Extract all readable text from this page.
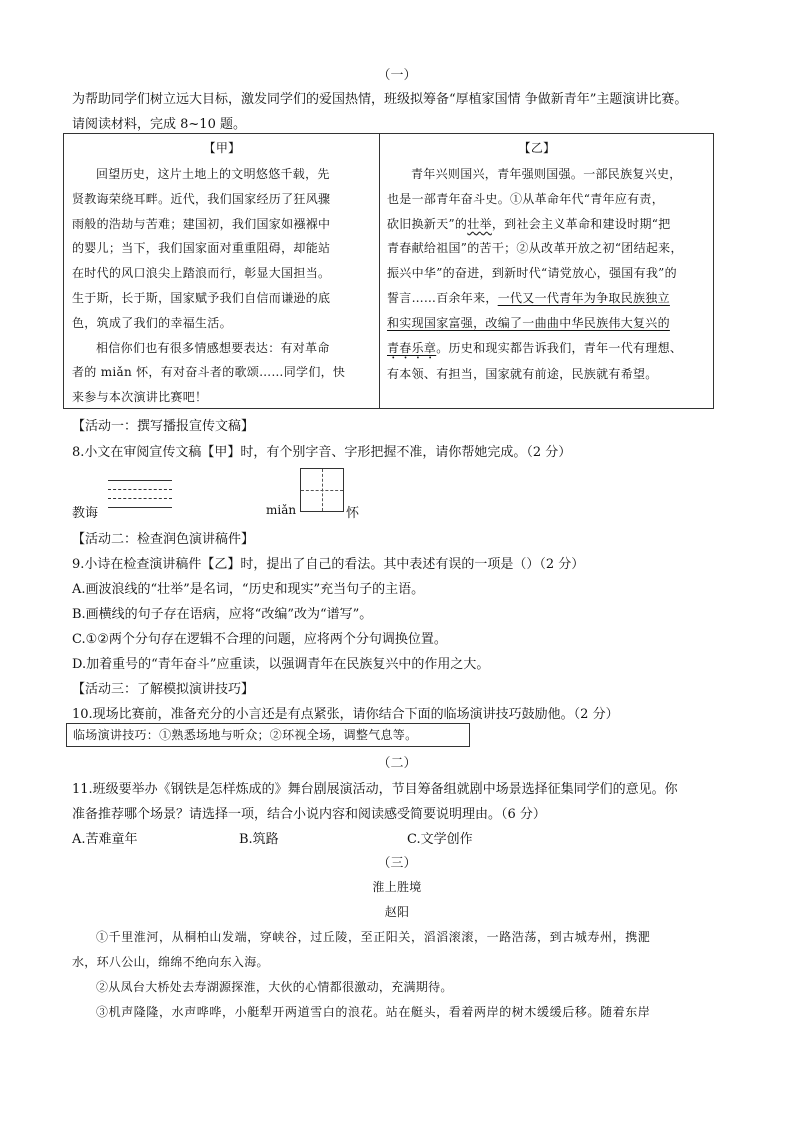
（一）
为帮助同学们树立远大目标，激发同学们的爱国热情，班级拟筹备“厚植家国情 争做新青年”主题演讲比赛。
请阅读材料，完成 8~10 题。
【甲】
回望历史，这片土地上的文明悠悠千载，先
贤教诲荣绕耳畔。近代，我们国家经历了狂风骤
雨般的浩劫与苦难；建国初，我们国家如襁褓中
的婴儿；当下，我们国家面对重重阻碍，却能站
在时代的风口浪尖上踏浪而行，彰显大国担当。
生于斯，长于斯，国家赋予我们自信而谦逊的底
色，筑成了我们的幸福生活。
相信你们也有很多情感想要表达：有对革命
者的 miǎn 怀，有对奋斗者的歌颂……同学们，快
来参与本次演讲比赛吧！
【乙】
青年兴则国兴，青年强则国强。一部民族复兴史，
也是一部青年奋斗史。①从革命年代“青年应有责，
砍旧换新天”的壮举，到社会主义革命和建设时期“把
青春献给祖国”的苦干；②从改革开放之初“团结起来，
振兴中华”的奋进，到新时代“请党放心，强国有我”的
誓言……百余年来，一代又一代青年为争取民族独立
和实现国家富强，改编了一曲曲中华民族伟大复兴的
青春乐章。历史和现实都告诉我们，青年一代有理想、
有本领、有担当，国家就有前途，民族就有希望。
【活动一：撰写播报宣传文稿】
8.小文在审阅宣传文稿【甲】时，有个别字音、字形把握不准，请你帮她完成。（2 分）
教诲	miǎn	怀
【活动二：检查润色演讲稿件】
9.小诗在检查演讲稿件【乙】时，提出了自己的看法。其中表述有误的一项是（）（2 分）
A.画波浪线的“壮举”是名词，“历史和现实”充当句子的主语。
B.画横线的句子存在语病，应将“改编”改为“谱写”。
C.①②两个分句存在逻辑不合理的问题，应将两个分句调换位置。
D.加着重号的“青年奋斗”应重读，以强调青年在民族复兴中的作用之大。
【活动三：了解模拟演讲技巧】
10.现场比赛前，准备充分的小言还是有点紧张，请你结合下面的临场演讲技巧鼓励他。（2 分）
临场演讲技巧：①熟悉场地与听众；②环视全场，调整气息等。
（二）
11.班级要举办《钢铁是怎样炼成的》舞台剧展演活动，节目筹备组就剧中场景选择征集同学们的意见。你
准备推荐哪个场景？请选择一项，结合小说内容和阅读感受简要说明理由。（6 分）
A.苦难童年	B.筑路	C.文学创作
（三）
淮上胜境
赵阳
①千里淮河，从桐柏山发端，穿峡谷，过丘陵，至正阳关，滔滔滚滚，一路浩荡，到古城寿州，携淝
水，环八公山，绵绵不绝向东入海。
②从凤台大桥处去寿湖源探淮，大伙的心情都很激动，充满期待。
③机声隆隆，水声哗哗，小艇犁开两道雪白的浪花。站在艇头，看着两岸的树木缓缓后移。随着东岸
